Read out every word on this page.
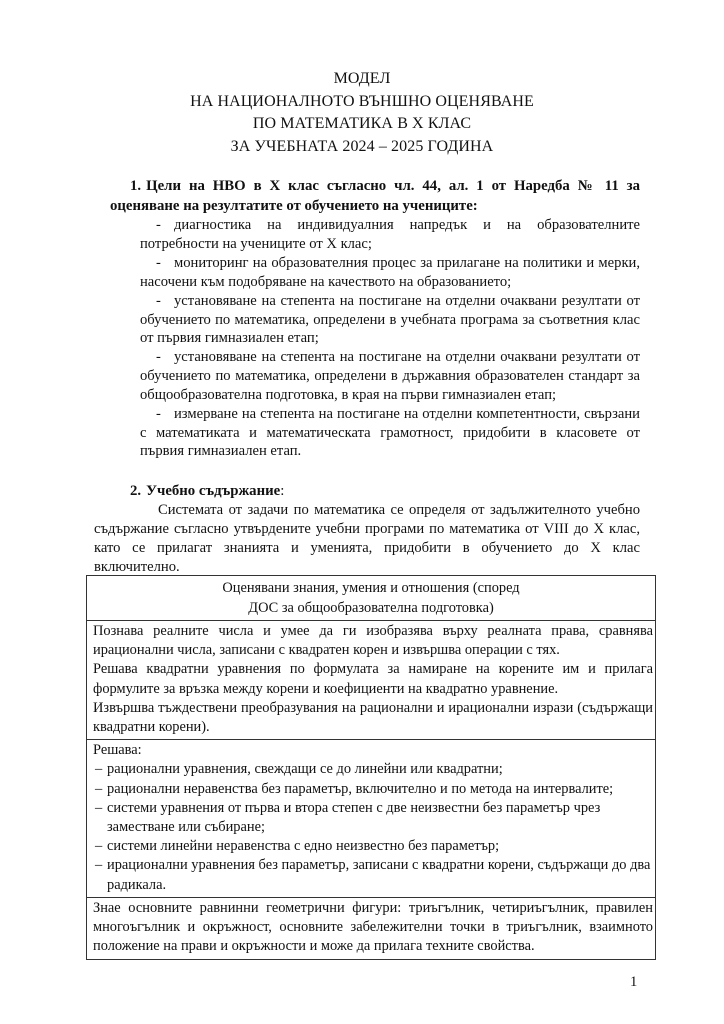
МОДЕЛ
НА НАЦИОНАЛНОТО ВЪНШНО ОЦЕНЯВАНЕ
ПО МАТЕМАТИКА В X КЛАС
ЗА УЧЕБНАТА 2024 – 2025 ГОДИНА
1. Цели на НВО в X клас съгласно чл. 44, ал. 1 от Наредба № 11 за оценяване на резултатите от обучението на учениците:
- диагностика на индивидуалния напредък и на образователните потребности на учениците от X клас;
- мониторинг на образователния процес за прилагане на политики и мерки, насочени към подобряване на качеството на образованието;
- установяване на степента на постигане на отделни очаквани резултати от обучението по математика, определени в учебната програма за съответния клас от първия гимназиален етап;
- установяване на степента на постигане на отделни очаквани резултати от обучението по математика, определени в държавния образователен стандарт за общообразователна подготовка, в края на първи гимназиален етап;
- измерване на степента на постигане на отделни компетентности, свързани с математиката и математическата грамотност, придобити в класовете от първия гимназиален етап.
2. Учебно съдържание:
Системата от задачи по математика се определя от задължителното учебно съдържание съгласно утвърдените учебни програми по математика от VIII до X клас, като се прилагат знанията и уменията, придобити в обучението до X клас включително.
Оценявани знания, умения и отношения (според
ДОС за общообразователна подготовка)

Познава реалните числа и умее да ги изобразява върху реалната права, сравнява ирационални числа, записани с квадратен корен и извършва операции с тях.
Решава квадратни уравнения по формулата за намиране на корените им и прилага формулите за връзка между корени и коефициенти на квадратно уравнение.
Извършва тъждествени преобразувания на рационални и ирационални изрази (съдържащи квадратни корени).

Решава:
– рационални уравнения, свеждащи се до линейни или квадратни;
– рационални неравенства без параметър, включително и по метода на интервалите;
– системи уравнения от първа и втора степен с две неизвестни без параметър чрез заместване или събиране;
– системи линейни неравенства с едно неизвестно без параметър;
– ирационални уравнения без параметър, записани с квадратни корени, съдържащи до два радикала.

Знае основните равнинни геометрични фигури: триъгълник, четириъгълник, правилен многоъгълник и окръжност, основните забележителни точки в триъгълник, взаимното положение на прави и окръжности и може да прилага техните свойства.
1
